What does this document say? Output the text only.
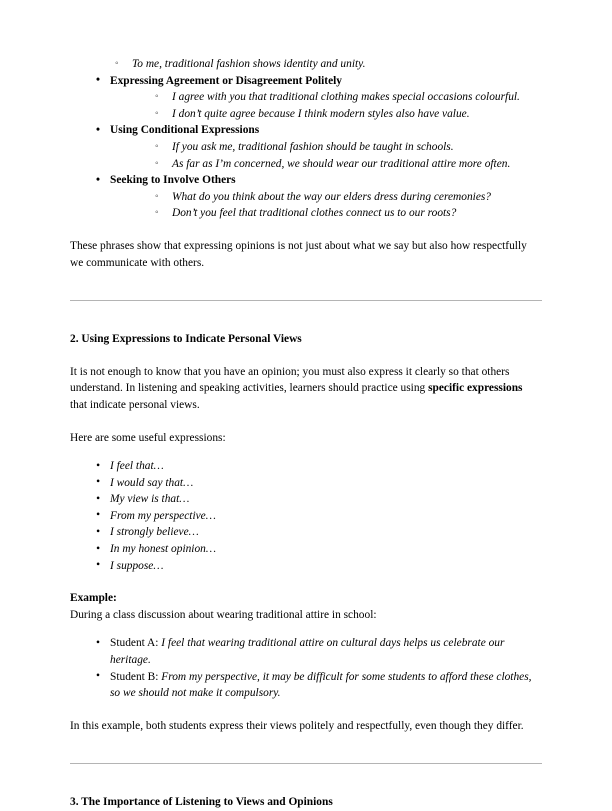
◦ To me, traditional fashion shows identity and unity.
• Expressing Agreement or Disagreement Politely
◦ I agree with you that traditional clothing makes special occasions colourful.
◦ I don’t quite agree because I think modern styles also have value.
• Using Conditional Expressions
◦ If you ask me, traditional fashion should be taught in schools.
◦ As far as I’m concerned, we should wear our traditional attire more often.
• Seeking to Involve Others
◦ What do you think about the way our elders dress during ceremonies?
◦ Don’t you feel that traditional clothes connect us to our roots?

These phrases show that expressing opinions is not just about what we say but also how respectfully we communicate with others.

2. Using Expressions to Indicate Personal Views

It is not enough to know that you have an opinion; you must also express it clearly so that others understand. In listening and speaking activities, learners should practice using specific expressions that indicate personal views.

Here are some useful expressions:

• I feel that…
• I would say that…
• My view is that…
• From my perspective…
• I strongly believe…
• In my honest opinion…
• I suppose…

Example:

During a class discussion about wearing traditional attire in school:

• Student A: I feel that wearing traditional attire on cultural days helps us celebrate our heritage.
• Student B: From my perspective, it may be difficult for some students to afford these clothes, so we should not make it compulsory.

In this example, both students express their views politely and respectfully, even though they differ.

3. The Importance of Listening to Views and Opinions
